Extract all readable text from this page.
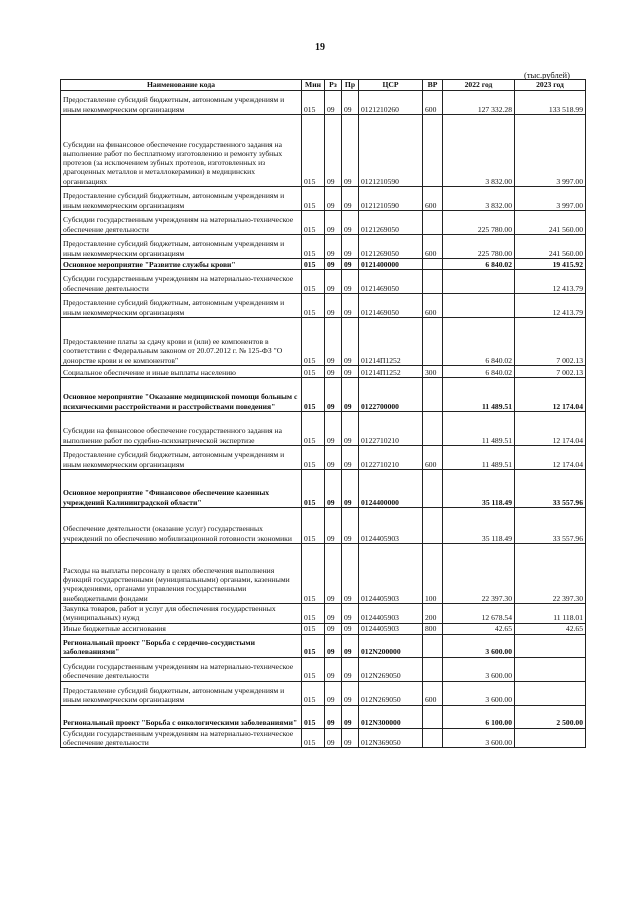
19
(тыс.рублей)
Наименование кода	Мин	Рз	Пр	ЦСР	ВР	2022 год	2023 год
Предоставление субсидий бюджетным, автономным учреждениям и иным некоммерческим организациям	015	09	09	0121210260	600	127 332.28	133 518.99
Субсидии на финансовое обеспечение государственного задания на выполнение работ по бесплатному изготовлению и ремонту зубных протезов (за исключением зубных протезов, изготовленных из драгоценных металлов и металлокерамики) в медицинских организациях	015	09	09	0121210590		3 832.00	3 997.00
Предоставление субсидий бюджетным, автономным учреждениям и иным некоммерческим организациям	015	09	09	0121210590	600	3 832.00	3 997.00
Субсидии государственным учреждениям на материально-техническое обеспечение деятельности	015	09	09	0121269050		225 780.00	241 560.00
Предоставление субсидий бюджетным, автономным учреждениям и иным некоммерческим организациям	015	09	09	0121269050	600	225 780.00	241 560.00
Основное мероприятие "Развитие службы крови"	015	09	09	0121400000		6 840.02	19 415.92
Субсидии государственным учреждениям на материально-техническое обеспечение деятельности	015	09	09	0121469050			12 413.79
Предоставление субсидий бюджетным, автономным учреждениям и иным некоммерческим организациям	015	09	09	0121469050	600		12 413.79
Предоставление платы за сдачу крови и (или) ее компонентов в соответствии с Федеральным законом от 20.07.2012 г. № 125-ФЗ "О донорстве крови и ее компонентов"	015	09	09	01214П1252		6 840.02	7 002.13
Социальное обеспечение и иные выплаты населению	015	09	09	01214П1252	300	6 840.02	7 002.13
Основное мероприятие "Оказание медицинской помощи больным с психическими расстройствами и расстройствами поведения"	015	09	09	0122700000		11 489.51	12 174.04
Субсидии на финансовое обеспечение государственного задания на выполнение работ по судебно-психиатрической экспертизе	015	09	09	0122710210		11 489.51	12 174.04
Предоставление субсидий бюджетным, автономным учреждениям и иным некоммерческим организациям	015	09	09	0122710210	600	11 489.51	12 174.04
Основное мероприятие "Финансовое обеспечение казенных учреждений Калининградской области"	015	09	09	0124400000		35 118.49	33 557.96
Обеспечение деятельности (оказание услуг) государственных учреждений по обеспечению мобилизационной готовности экономики	015	09	09	0124405903		35 118.49	33 557.96
Расходы на выплаты персоналу в целях обеспечения выполнения функций государственными (муниципальными) органами, казенными учреждениями, органами управления государственными внебюджетными фондами	015	09	09	0124405903	100	22 397.30	22 397.30
Закупка товаров, работ и услуг для обеспечения государственных (муниципальных) нужд	015	09	09	0124405903	200	12 678.54	11 118.01
Иные бюджетные ассигнования	015	09	09	0124405903	800	42.65	42.65
Региональный проект "Борьба с сердечно-сосудистыми заболеваниями"	015	09	09	012N200000		3 600.00	
Субсидии государственным учреждениям на материально-техническое обеспечение деятельности	015	09	09	012N269050		3 600.00	
Предоставление субсидий бюджетным, автономным учреждениям и иным некоммерческим организациям	015	09	09	012N269050	600	3 600.00	
Региональный проект "Борьба с онкологическими заболеваниями"	015	09	09	012N300000		6 100.00	2 500.00
Субсидии государственным учреждениям на материально-техническое обеспечение деятельности	015	09	09	012N369050		3 600.00	
